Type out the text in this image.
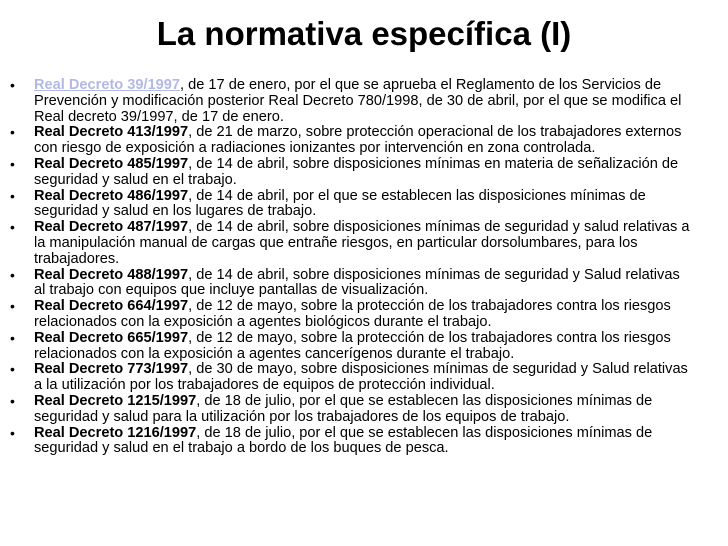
La normativa específica (I)
• Real Decreto 39/1997, de 17 de enero, por el que se aprueba el Reglamento de los Servicios de Prevención y modificación posterior Real Decreto 780/1998, de 30 de abril, por el que se modifica el Real decreto 39/1997, de 17 de enero.
• Real Decreto 413/1997, de 21 de marzo, sobre protección operacional de los trabajadores externos con riesgo de exposición a radiaciones ionizantes por intervención en zona controlada.
• Real Decreto 485/1997, de 14 de abril, sobre disposiciones mínimas en materia de señalización de seguridad y salud en el trabajo.
• Real Decreto 486/1997, de 14 de abril, por el que se establecen las disposiciones mínimas de seguridad y salud en los lugares de trabajo.
• Real Decreto 487/1997, de 14 de abril, sobre disposiciones mínimas de seguridad y salud relativas a la manipulación manual de cargas que entrañe riesgos, en particular dorsolumbares, para los trabajadores.
• Real Decreto 488/1997, de 14 de abril, sobre disposiciones mínimas de seguridad y Salud relativas al trabajo con equipos que incluye pantallas de visualización.
• Real Decreto 664/1997, de 12 de mayo, sobre la protección de los trabajadores contra los riesgos relacionados con la exposición a agentes biológicos durante el trabajo.
• Real Decreto 665/1997, de 12 de mayo, sobre la protección de los trabajadores contra los riesgos relacionados con la exposición a agentes cancerígenos durante el trabajo.
• Real Decreto 773/1997, de 30 de mayo, sobre disposiciones mínimas de seguridad y Salud relativas a la utilización por los trabajadores de equipos de protección individual.
• Real Decreto 1215/1997, de 18 de julio, por el que se establecen las disposiciones mínimas de seguridad y salud para la utilización por los trabajadores de los equipos de trabajo.
• Real Decreto 1216/1997, de 18 de julio, por el que se establecen las disposiciones mínimas de seguridad y salud en el trabajo a bordo de los buques de pesca.
